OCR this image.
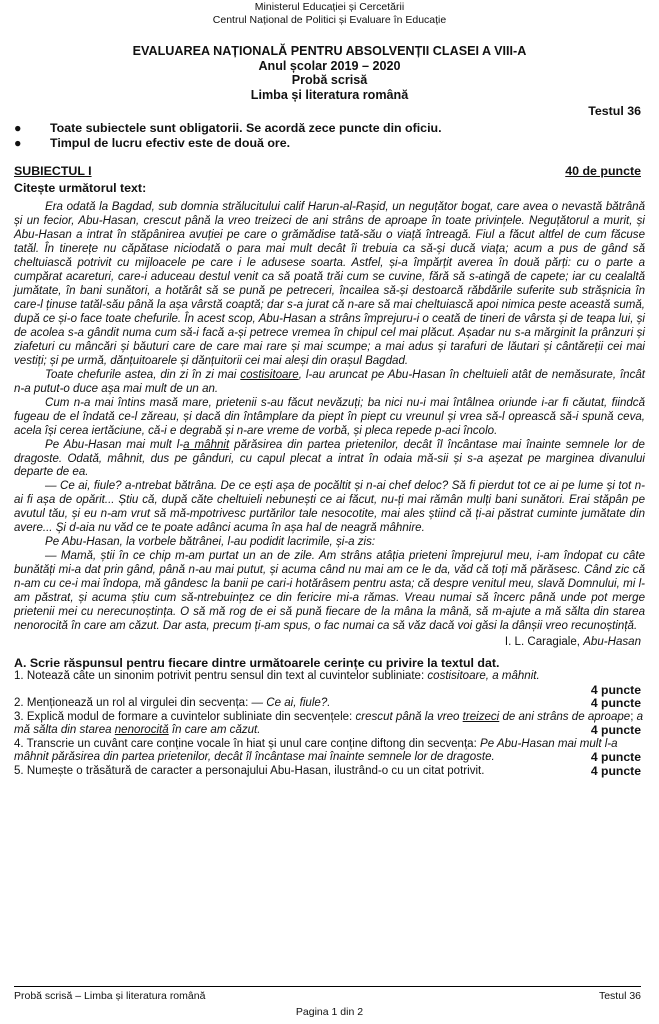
Ministerul Educației și Cercetării
Centrul Național de Politici și Evaluare în Educație
EVALUAREA NAȚIONALĂ PENTRU ABSOLVENȚII CLASEI A VIII-A
Anul școlar 2019 – 2020
Probă scrisă
Limba și literatura română
Testul 36
●	Toate subiectele sunt obligatorii. Se acordă zece puncte din oficiu.
●	Timpul de lucru efectiv este de două ore.
SUBIECTUL I	40 de puncte
Citește următorul text:

Era odată la Bagdad, sub domnia strălucitului calif Harun-al-Rașid, un neguțător bogat, care avea o nevastă bătrână și un fecior, Abu-Hasan, crescut până la vreo treizeci de ani strâns de aproape în toate privințele. Neguțătorul a murit, și Abu-Hasan a intrat în stăpânirea avuției pe care o grămădise tată-său o viață întreagă. Fiul a făcut altfel de cum făcuse tatăl. În tinerețe nu căpătase niciodată o para mai mult decât îi trebuia ca să-și ducă viața; acum a pus de gând să cheltuiască potrivit cu mijloacele pe care i le adusese soarta. Astfel, și-a împărțit averea în două părți: cu o parte a cumpărat acareturi, care-i aduceau destul venit ca să poată trăi cum se cuvine, fără să s-atingă de capete; iar cu cealaltă jumătate, în bani sunători, a hotărât să se pună pe petreceri, încailea să-și destoarcă răbdările suferite sub strășnicia în care-l ținuse tatăl-său până la așa vârstă coaptă; dar s-a jurat că n-are să mai cheltuiască apoi nimica peste această sumă, după ce și-o face toate chefurile. În acest scop, Abu-Hasan a strâns împrejuru-i o ceată de tineri de vârsta și de teapa lui, și de acolea s-a gândit numa cum să-i facă a-și petrece vremea în chipul cel mai plăcut. Așadar nu s-a mărginit la prânzuri și ziafeturi cu mâncări și băuturi care de care mai rare și mai scumpe; a mai adus și tarafuri de lăutari și cântăreții cei mai vestiți; și pe urmă, dănțuitoarele și dănțuitorii cei mai aleși din orașul Bagdad.

Toate chefurile astea, din zi în zi mai costisitoare, l-au aruncat pe Abu-Hasan în cheltuieli atât de nemăsurate, încât n-a putut-o duce așa mai mult de un an.

Cum n-a mai întins masă mare, prietenii s-au făcut nevăzuți; ba nici nu-i mai întâlnea oriunde i-ar fi căutat, fiindcă fugeau de el îndată ce-l zăreau, și dacă din întâmplare da piept în piept cu vreunul și vrea să-l oprească să-i spună ceva, acela își cerea iertăciune, că-i e degrabă și n-are vreme de vorbă, și pleca repede p-aci încolo.

Pe Abu-Hasan mai mult l-a mâhnit părăsirea din partea prietenilor, decât îl încântase mai înainte semnele lor de dragoste. Odată, mâhnit, dus pe gânduri, cu capul plecat a intrat în odaia mă-sii și s-a așezat pe marginea divanului departe de ea.

— Ce ai, fiule? a-ntrebat bătrâna. De ce ești așa de pocăltit și n-ai chef deloc? Să fi pierdut tot ce ai pe lume și tot n-ai fi așa de opărit... Știu că, după căte cheltuieli nebunești ce ai făcut, nu-ți mai rămân mulți bani sunători. Erai stăpân pe avutul tău, și eu n-am vrut să mă-mpotrivesc purtărilor tale nesocotite, mai ales știind că ți-ai păstrat cuminte jumătate din avere... Și d-aia nu văd ce te poate adânci acuma în așa hal de neagră mâhnire.

Pe Abu-Hasan, la vorbele bătrânei, l-au podidit lacrimile, și-a zis:

— Mamă, știi în ce chip m-am purtat un an de zile. Am strâns atâția prieteni împrejurul meu, i-am îndopat cu câte bunătăți mi-a dat prin gând, până n-au mai putut, și acuma când nu mai am ce le da, văd că toți mă părăsesc. Când zic că n-am cu ce-i mai îndopa, mă gândesc la banii pe cari-i hotărâsem pentru asta; că despre venitul meu, slavă Domnului, mi l-am păstrat, și acuma știu cum să-ntrebuințez ce din fericire mi-a rămas. Vreau numai să încerc până unde pot merge prietenii mei cu nerecunoștința. O să mă rog de ei să pună fiecare de la mâna la mână, să m-ajute a mă sălta din starea nenorocită în care am căzut. Dar asta, precum ți-am spus, o fac numai ca să văz dacă voi găsi la dânșii vreo recunoștință.

I. L. Caragiale, Abu-Hasan
A. Scrie răspunsul pentru fiecare dintre următoarele cerințe cu privire la textul dat.
1. Notează câte un sinonim potrivit pentru sensul din text al cuvintelor subliniate: costisitoare, a mâhnit.
4 puncte
2. Menționează un rol al virgulei din secvența: — Ce ai, fiule?.	4 puncte
3. Explică modul de formare a cuvintelor subliniate din secvențele: crescut până la vreo treizeci de ani strâns de aproape; a mă sălta din starea nenorocită în care am căzut.	4 puncte
4. Transcrie un cuvânt care conține vocale în hiat și unul care conține diftong din secvența: Pe Abu-Hasan mai mult l-a mâhnit părăsirea din partea prietenilor, decât îl încântase mai înainte semnele lor de dragoste.	4 puncte
5. Numește o trăsătură de caracter a personajului Abu-Hasan, ilustrând-o cu un citat potrivit.	4 puncte
Probă scrisă – Limba și literatura română	Testul 36
Pagina 1 din 2
